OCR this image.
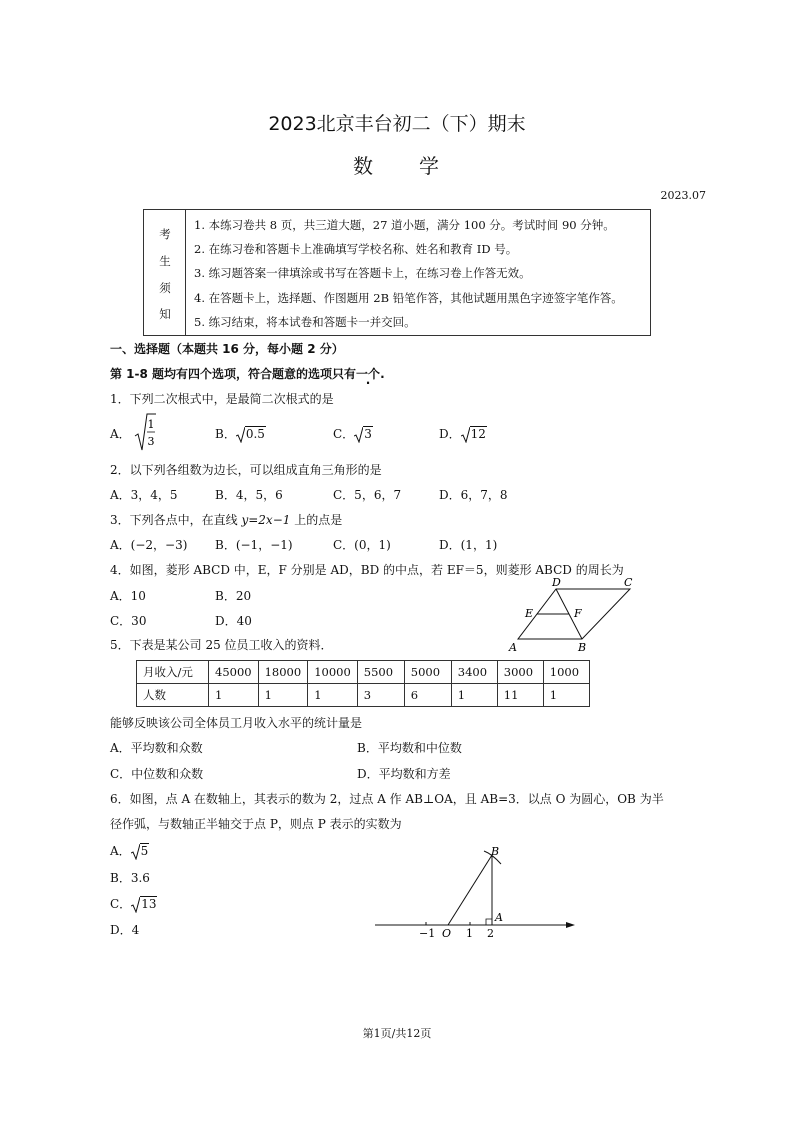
2023北京丰台初二（下）期末
数　　学
2023.07
考
生
须
知
1. 本练习卷共 8 页，共三道大题，27 道小题，满分 100 分。考试时间 90 分钟。
2. 在练习卷和答题卡上准确填写学校名称、姓名和教育 ID 号。
3. 练习题答案一律填涂或书写在答题卡上，在练习卷上作答无效。
4. 在答题卡上，选择题、作图题用 2B 铅笔作答，其他试题用黑色字迹签字笔作答。
5. 练习结束，将本试卷和答题卡一并交回。
一、选择题（本题共 16 分，每小题 2 分）
第 1-8 题均有四个选项，符合题意的选项只有一个.
1．下列二次根式中，是最简二次根式的是
A．
1
3
B． 0.5	C． 3	D． 12
2．以下列各组数为边长，可以组成直角三角形的是
A．3，4，5	B．4，5，6	C．5，6，7	D．6，7，8
3．下列各点中，在直线 y=2x−1 上的点是
A．(−2，−3) B．(−1，−1)	C．(0，1)	D．(1，1)
4．如图，菱形 ABCD 中，E，F 分别是 AD，BD 的中点，若 EF＝5，则菱形 ABCD 的周长为
A．10	B．20
C．30	D．40
A	B
C
D
E	F
5．下表是某公司 25 位员工收入的资料．
月收入/元	45000	18000	10000	5500	5000	3400	3000	1000
人数	1	1	1	3	6	1	11	1
能够反映该公司全体员工月收入水平的统计量是
A．平均数和众数	B．平均数和中位数
C．中位数和众数	D．平均数和方差
6．如图，点 A 在数轴上，其表示的数为 2，过点 A 作 AB⊥OA，且 AB=3．以点 O 为圆心，OB 为半
径作弧，与数轴正半轴交于点 P，则点 P 表示的实数为
A． 5
B．3.6
C． 13
D．4	−1 O 1 2
A
B
第1页/共12页
